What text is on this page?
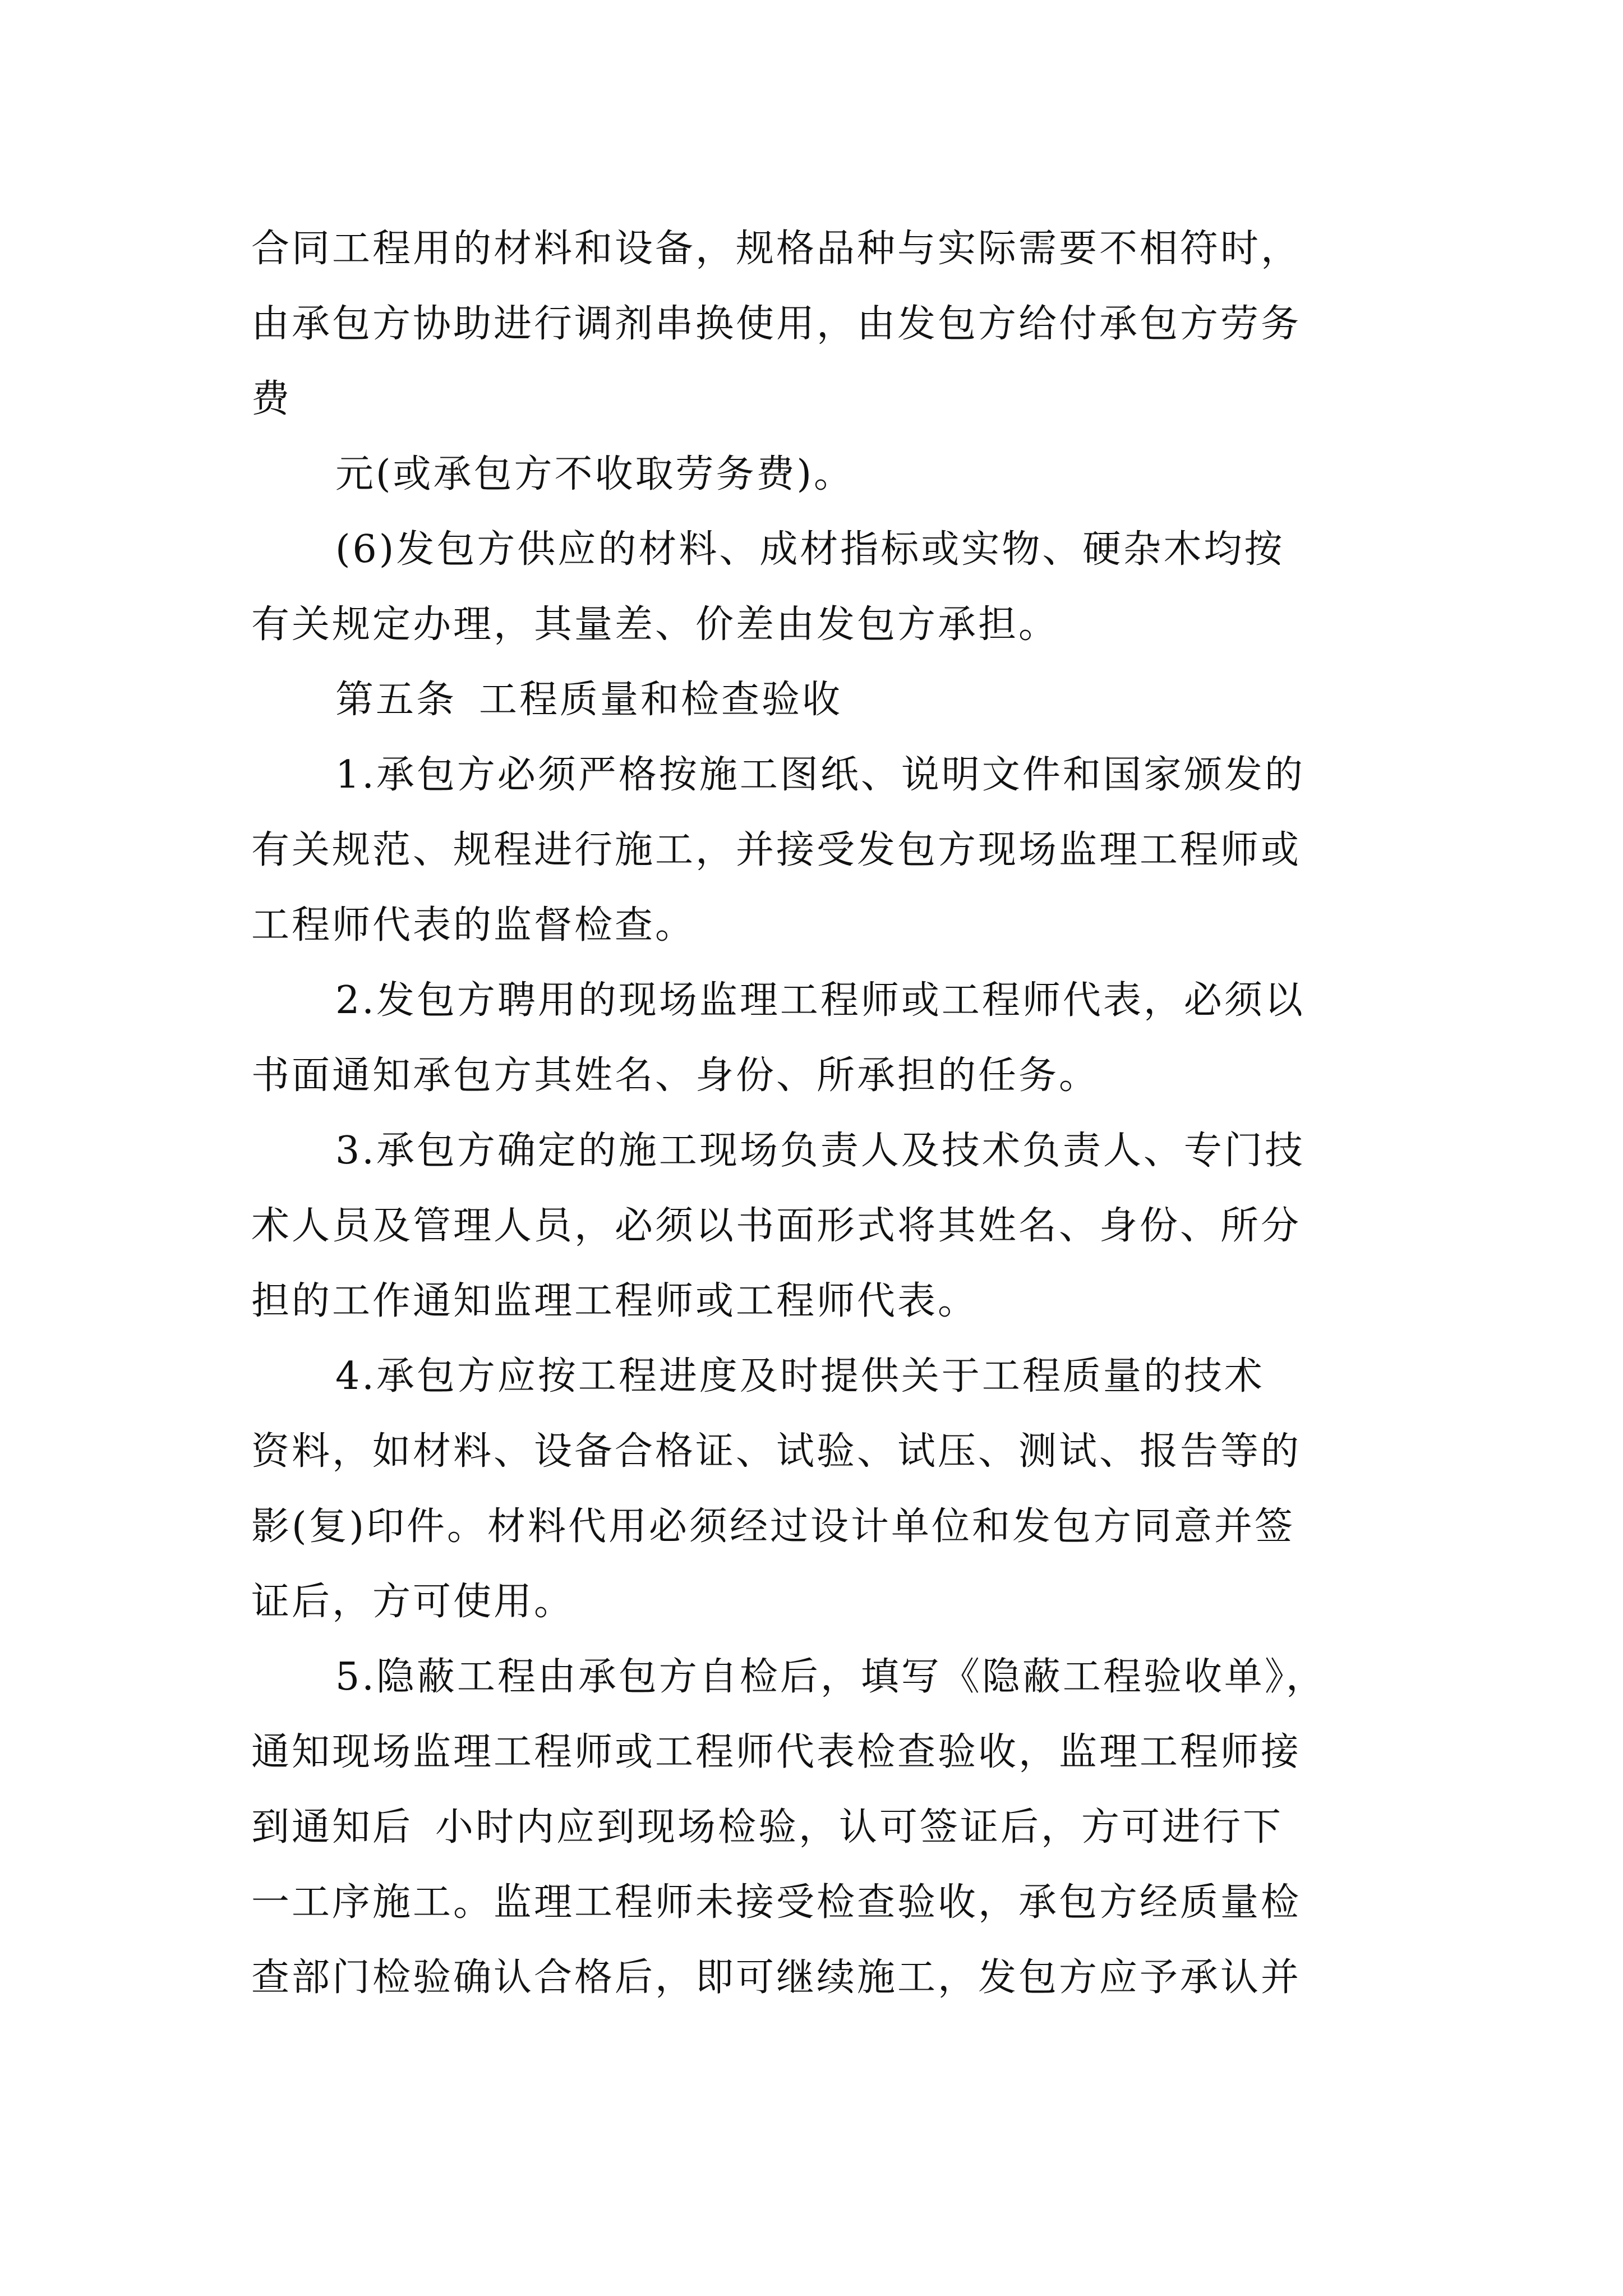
合同工程用的材料和设备，规格品种与实际需要不相符时，
由承包方协助进行调剂串换使用，由发包方给付承包方劳务
费
元(或承包方不收取劳务费)。
(6)发包方供应的材料、成材指标或实物、硬杂木均按
有关规定办理，其量差、价差由发包方承担。
第五条 工程质量和检查验收
1.承包方必须严格按施工图纸、说明文件和国家颁发的
有关规范、规程进行施工，并接受发包方现场监理工程师或
工程师代表的监督检查。
2.发包方聘用的现场监理工程师或工程师代表，必须以
书面通知承包方其姓名、身份、所承担的任务。
3.承包方确定的施工现场负责人及技术负责人、专门技
术人员及管理人员，必须以书面形式将其姓名、身份、所分
担的工作通知监理工程师或工程师代表。
4.承包方应按工程进度及时提供关于工程质量的技术
资料，如材料、设备合格证、试验、试压、测试、报告等的
影(复)印件。材料代用必须经过设计单位和发包方同意并签
证后，方可使用。
5.隐蔽工程由承包方自检后，填写《隐蔽工程验收单》，
通知现场监理工程师或工程师代表检查验收，监理工程师接
到通知后 小时内应到现场检验，认可签证后，方可进行下
一工序施工。监理工程师未接受检查验收，承包方经质量检
查部门检验确认合格后，即可继续施工，发包方应予承认并
